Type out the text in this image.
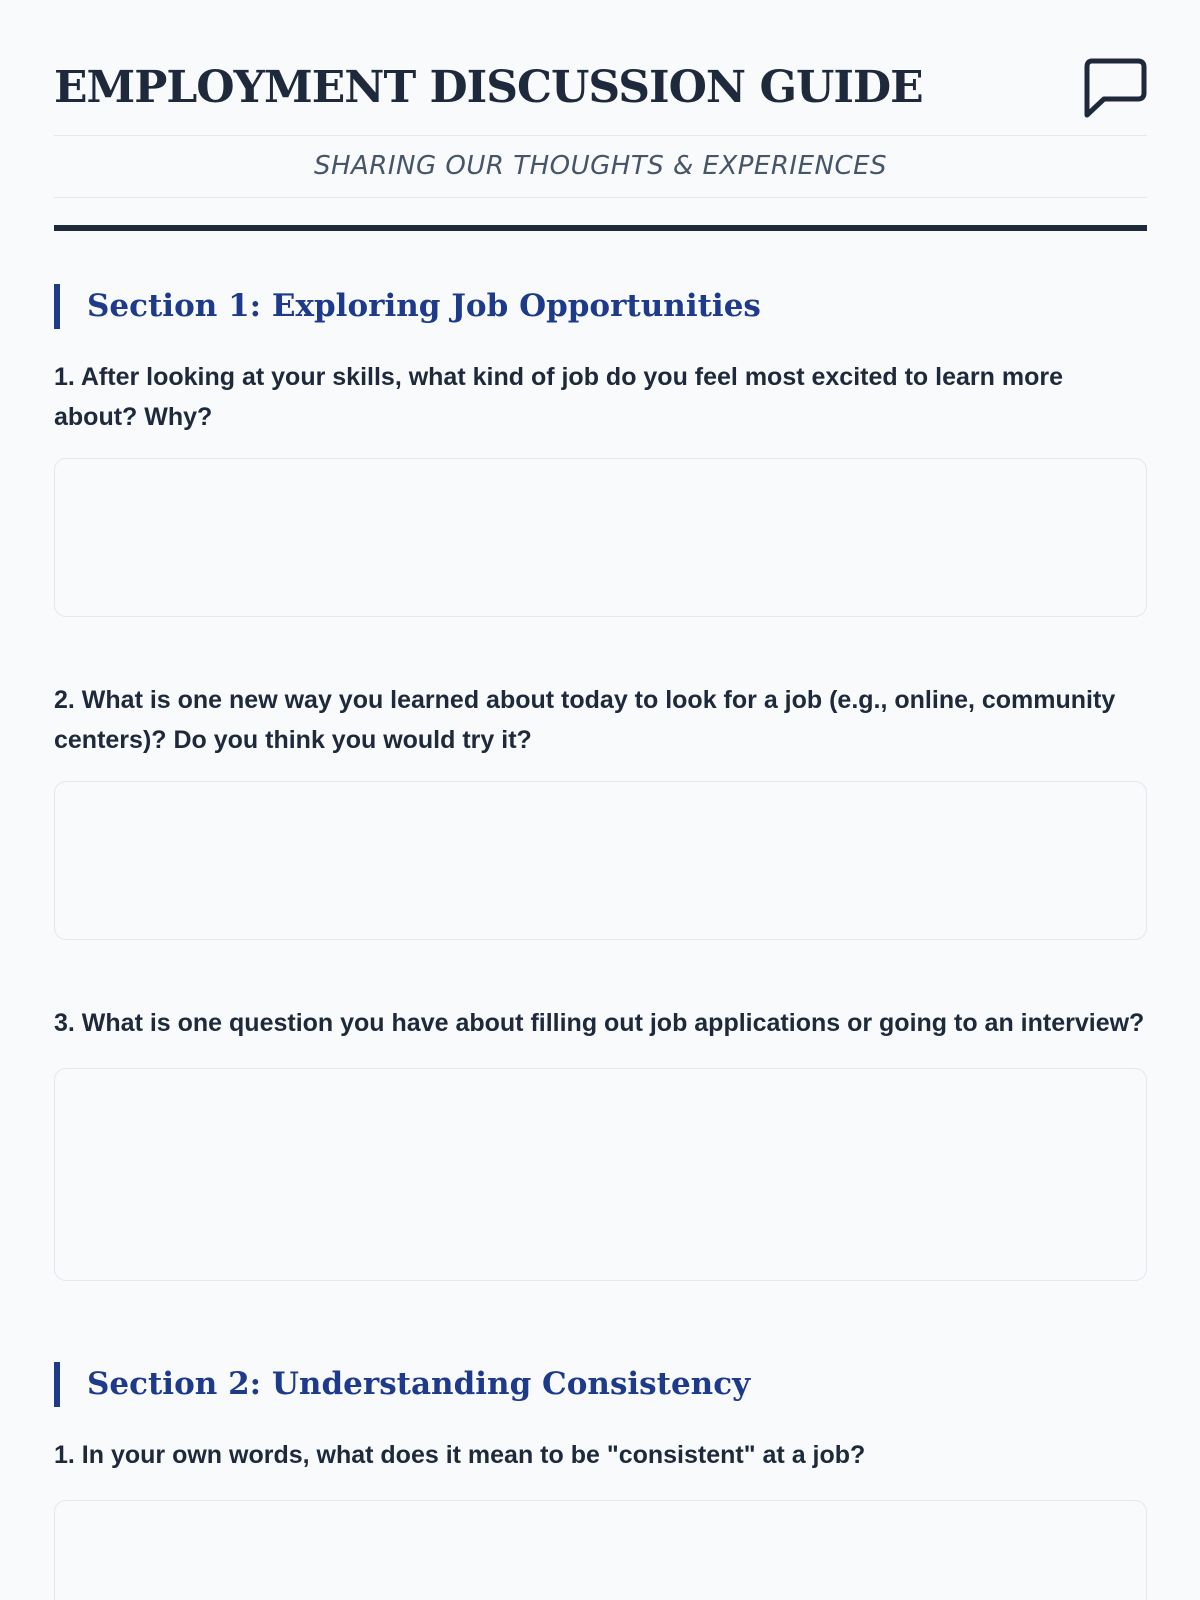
EMPLOYMENT DISCUSSION GUIDE
SHARING OUR THOUGHTS & EXPERIENCES
Section 1: Exploring Job Opportunities
1. After looking at your skills, what kind of job do you feel most excited to learn more about? Why?
2. What is one new way you learned about today to look for a job (e.g., online, community centers)? Do you think you would try it?
3. What is one question you have about filling out job applications or going to an interview?
Section 2: Understanding Consistency
1. In your own words, what does it mean to be "consistent" at a job?
